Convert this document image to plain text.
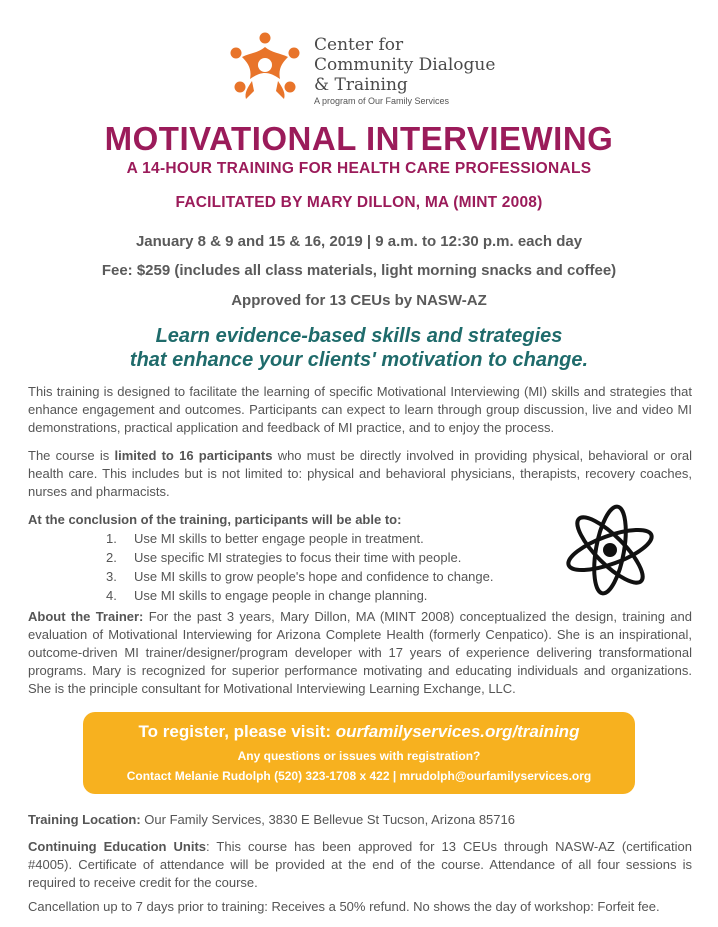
Center for
Community Dialogue
& Training
A program of Our Family Services
MOTIVATIONAL INTERVIEWING
A 14-HOUR TRAINING FOR HEALTH CARE PROFESSIONALS
FACILITATED BY MARY DILLON, MA (MINT 2008)
January 8 & 9 and 15 & 16, 2019 | 9 a.m. to 12:30 p.m. each day
Fee: $259 (includes all class materials, light morning snacks and coffee)
Approved for 13 CEUs by NASW-AZ
Learn evidence-based skills and strategies
that enhance your clients' motivation to change.
This training is designed to facilitate the learning of specific Motivational Interviewing (MI) skills and strategies that enhance engagement and outcomes. Participants can expect to learn through group discussion, live and video MI demonstrations, practical application and feedback of MI practice, and to enjoy the process.
The course is limited to 16 participants who must be directly involved in providing physical, behavioral or oral health care. This includes but is not limited to: physical and behavioral physicians, therapists, recovery coaches, nurses and pharmacists.
At the conclusion of the training, participants will be able to:
1. Use MI skills to better engage people in treatment.
2. Use specific MI strategies to focus their time with people.
3. Use MI skills to grow people's hope and confidence to change.
4. Use MI skills to engage people in change planning.
About the Trainer: For the past 3 years, Mary Dillon, MA (MINT 2008) conceptualized the design, training and evaluation of Motivational Interviewing for Arizona Complete Health (formerly Cenpatico). She is an inspirational, outcome-driven MI trainer/designer/program developer with 17 years of experience delivering transformational programs. Mary is recognized for superior performance motivating and educating individuals and organizations. She is the principle consultant for Motivational Interviewing Learning Exchange, LLC.
To register, please visit: ourfamilyservices.org/training
Any questions or issues with registration?
Contact Melanie Rudolph (520) 323-1708 x 422 | mrudolph@ourfamilyservices.org
Training Location: Our Family Services, 3830 E Bellevue St Tucson, Arizona 85716
Continuing Education Units: This course has been approved for 13 CEUs through NASW-AZ (certification #4005). Certificate of attendance will be provided at the end of the course. Attendance of all four sessions is required to receive credit for the course.
Cancellation up to 7 days prior to training: Receives a 50% refund. No shows the day of workshop: Forfeit fee.
